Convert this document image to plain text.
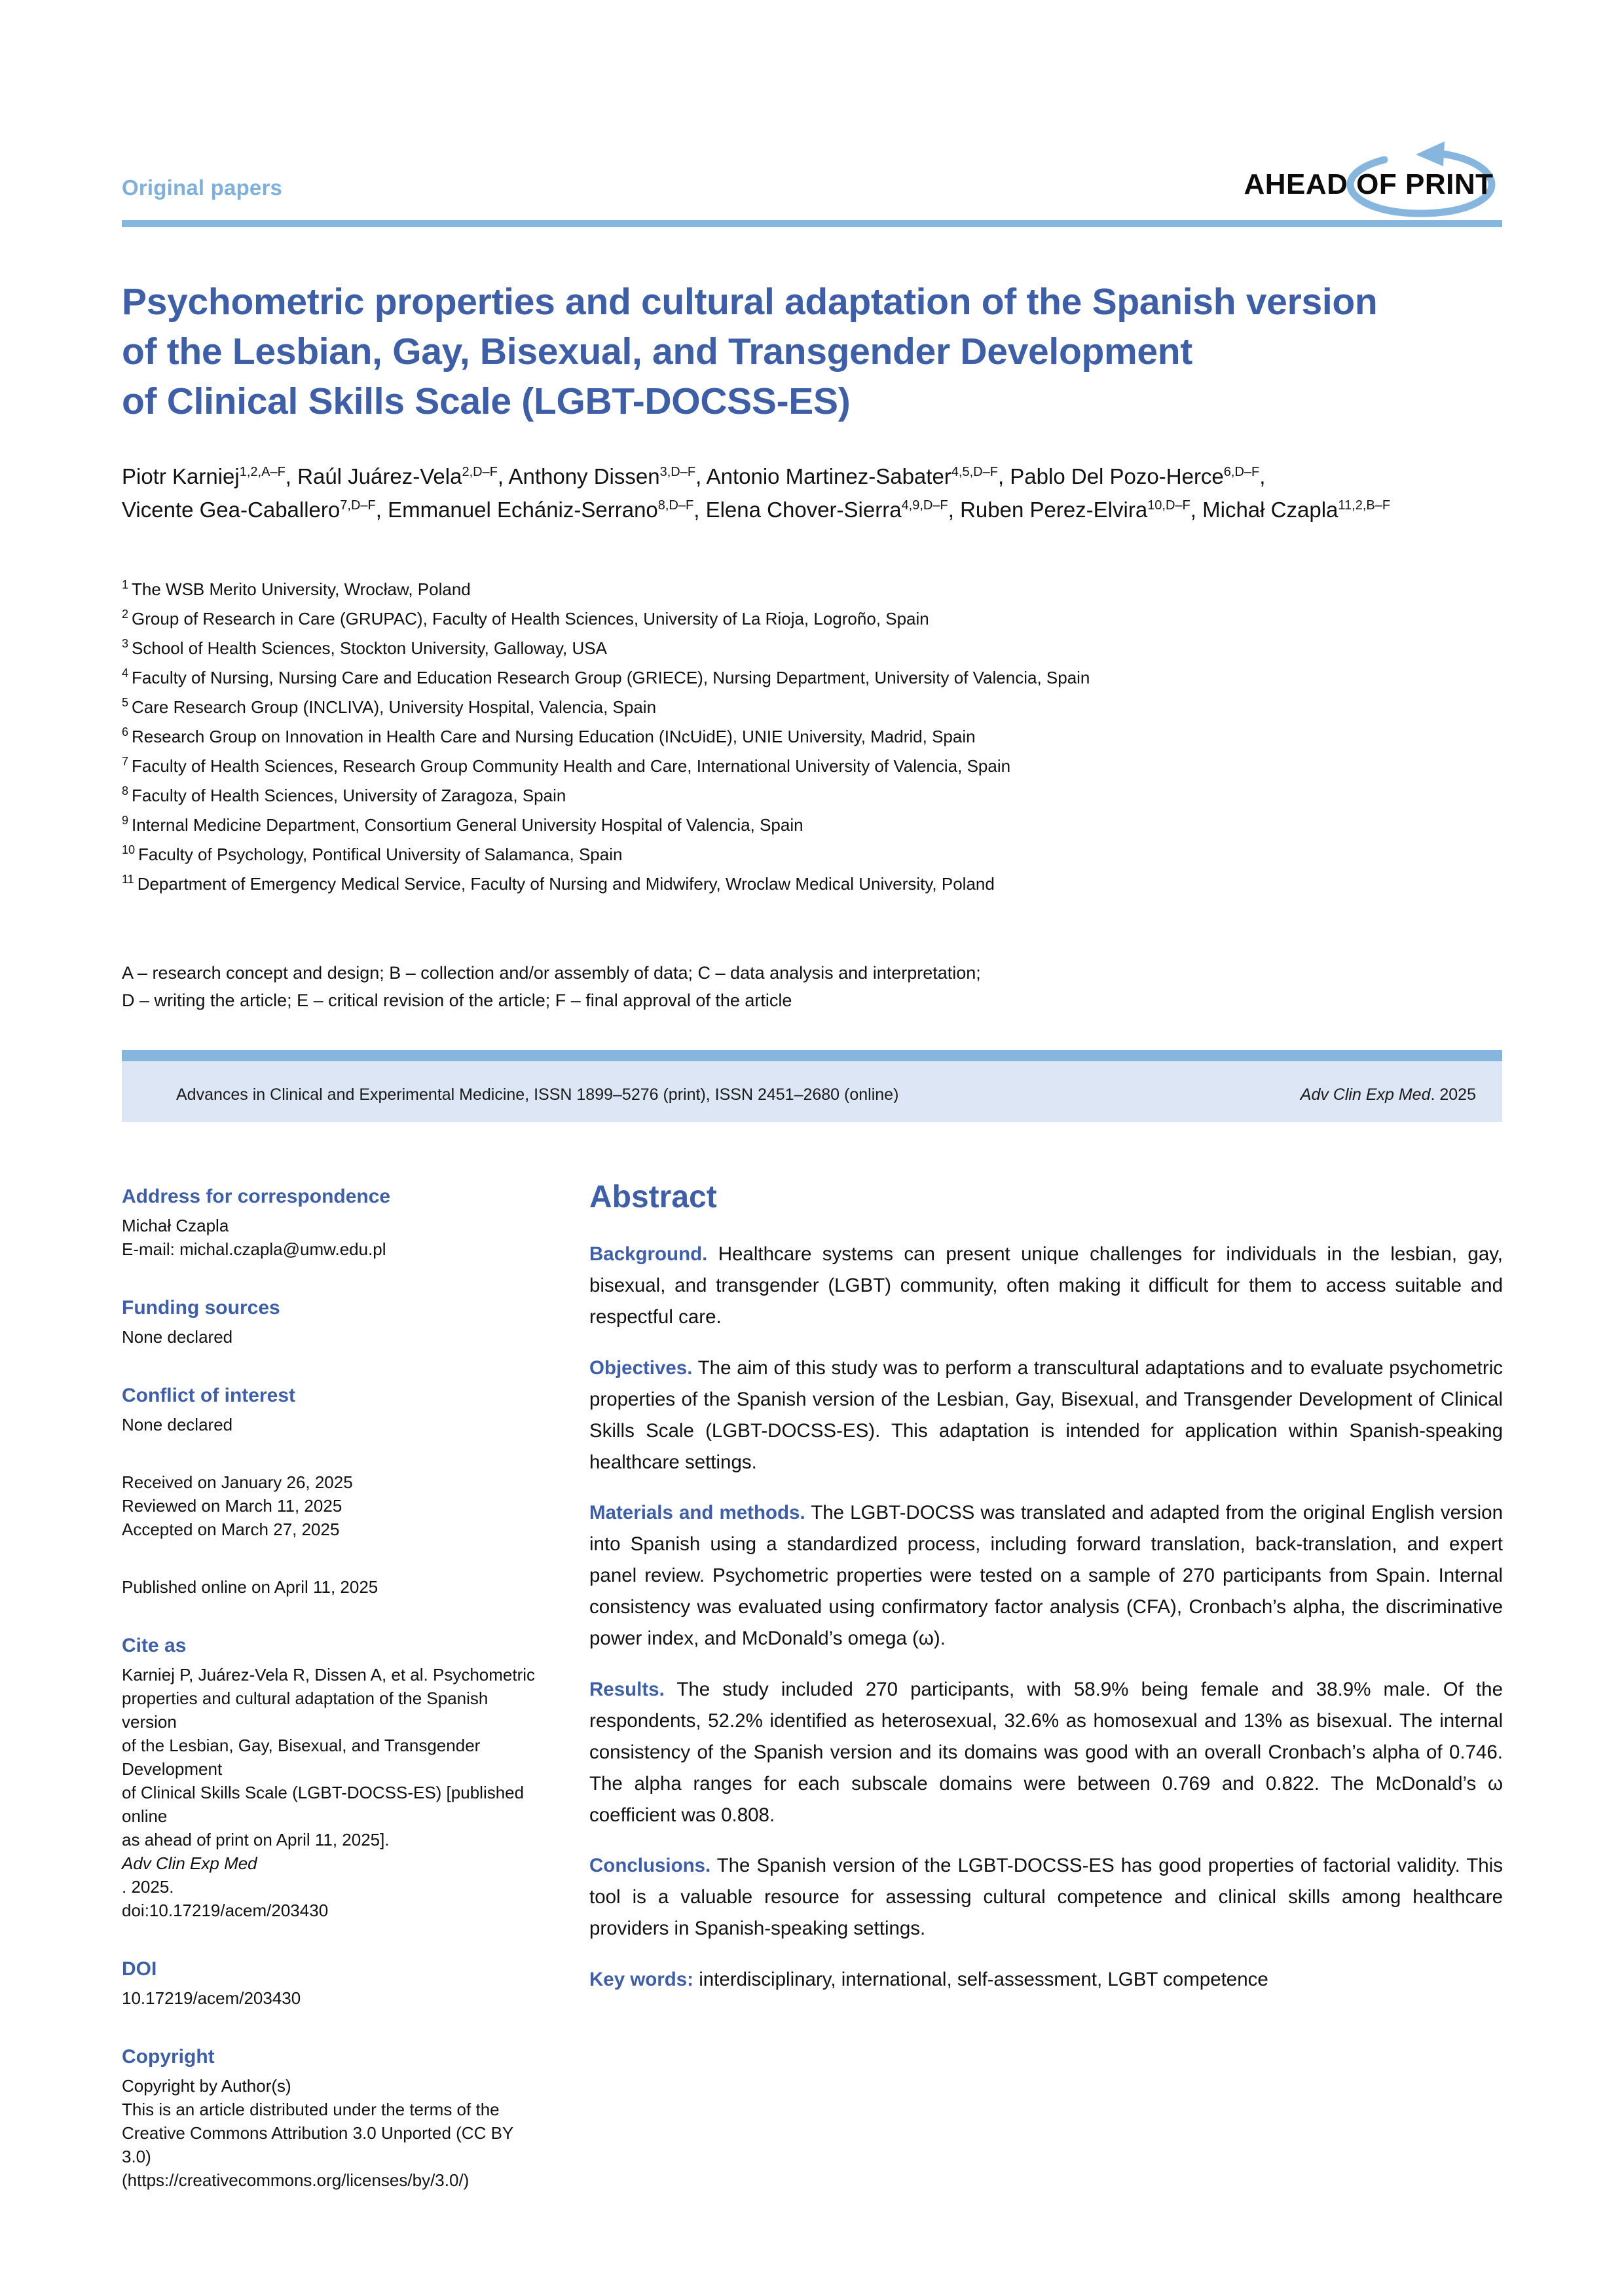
Original papers	AHEAD OF PRINT
Psychometric properties and cultural adaptation of the Spanish version
of the Lesbian, Gay, Bisexual, and Transgender Development
of Clinical Skills Scale (LGBT-DOCSS-ES)
Piotr Karniej$^{1,2,A-F}$, Raúl Juárez-Vela$^{2,D-F}$, Anthony Dissen$^{3,D-F}$, Antonio Martinez-Sabater$^{4,5,D-F}$, Pablo Del Pozo-Herce$^{6,D-F}$,
Vicente Gea-Caballero$^{7,D-F}$, Emmanuel Echániz-Serrano$^{8,D-F}$, Elena Chover-Sierra$^{4,9,D-F}$, Ruben Perez-Elvira$^{10,D-F}$, Michał Czapla$^{11,2,B-F}$
$^1$ The WSB Merito University, Wrocław, Poland
$^2$ Group of Research in Care (GRUPAC), Faculty of Health Sciences, University of La Rioja, Logroño, Spain
$^3$ School of Health Sciences, Stockton University, Galloway, USA
$^4$ Faculty of Nursing, Nursing Care and Education Research Group (GRIECE), Nursing Department, University of Valencia, Spain
$^5$ Care Research Group (INCLIVA), University Hospital, Valencia, Spain
$^6$ Research Group on Innovation in Health Care and Nursing Education (INcUidE), UNIE University, Madrid, Spain
$^7$ Faculty of Health Sciences, Research Group Community Health and Care, International University of Valencia, Spain
$^8$ Faculty of Health Sciences, University of Zaragoza, Spain
$^9$ Internal Medicine Department, Consortium General University Hospital of Valencia, Spain
$^{10}$ Faculty of Psychology, Pontifical University of Salamanca, Spain
$^{11}$ Department of Emergency Medical Service, Faculty of Nursing and Midwifery, Wroclaw Medical University, Poland
A – research concept and design; B – collection and/or assembly of data; C – data analysis and interpretation;
D – writing the article; E – critical revision of the article; F – final approval of the article
Advances in Clinical and Experimental Medicine, ISSN 1899–5276 (print), ISSN 2451–2680 (online)	Adv Clin Exp Med. 2025
Address for correspondence
Michał Czapla
E-mail: michal.czapla@umw.edu.pl
Funding sources
None declared
Conflict of interest
None declared
Received on January 26, 2025
Reviewed on March 11, 2025
Accepted on March 27, 2025
Published online on April 11, 2025
Cite as
Karniej P, Juárez-Vela R, Dissen A, et al. Psychometric
properties and cultural adaptation of the Spanish version
of the Lesbian, Gay, Bisexual, and Transgender Development
of Clinical Skills Scale (LGBT-DOCSS-ES) [published online
as ahead of print on April 11, 2025].
Adv Clin Exp Med
. 2025.
doi:10.17219/acem/203430
DOI
10.17219/acem/203430
Copyright
Copyright by Author(s)
This is an article distributed under the terms of the
Creative Commons Attribution 3.0 Unported (CC BY 3.0)
(https://creativecommons.org/licenses/by/3.0/)
Abstract

Background. Healthcare systems can present unique challenges for individuals in the lesbian, gay, bisexual, and transgender (LGBT) community, often making it difficult for them to access suitable and respectful care.

Objectives. The aim of this study was to perform a transcultural adaptations and to evaluate psychometric properties of the Spanish version of the Lesbian, Gay, Bisexual, and Transgender Development of Clinical Skills Scale (LGBT-DOCSS-ES). This adaptation is intended for application within Spanish-speaking healthcare settings.

Materials and methods. The LGBT-DOCSS was translated and adapted from the original English version into Spanish using a standardized process, including forward translation, back-translation, and expert panel review. Psychometric properties were tested on a sample of 270 participants from Spain. Internal consistency was evaluated using confirmatory factor analysis (CFA), Cronbach’s alpha, the discriminative power index, and McDonald’s omega (ω).

Results. The study included 270 participants, with 58.9% being female and 38.9% male. Of the respondents, 52.2% identified as heterosexual, 32.6% as homosexual and 13% as bisexual. The internal consistency of the Spanish version and its domains was good with an overall Cronbach’s alpha of 0.746. The alpha ranges for each subscale domains were between 0.769 and 0.822. The McDonald’s ω coefficient was 0.808.

Conclusions. The Spanish version of the LGBT-DOCSS-ES has good properties of factorial validity. This tool is a valuable resource for assessing cultural competence and clinical skills among healthcare providers in Spanish-speaking settings.

Key words: interdisciplinary, international, self-assessment, LGBT competence
